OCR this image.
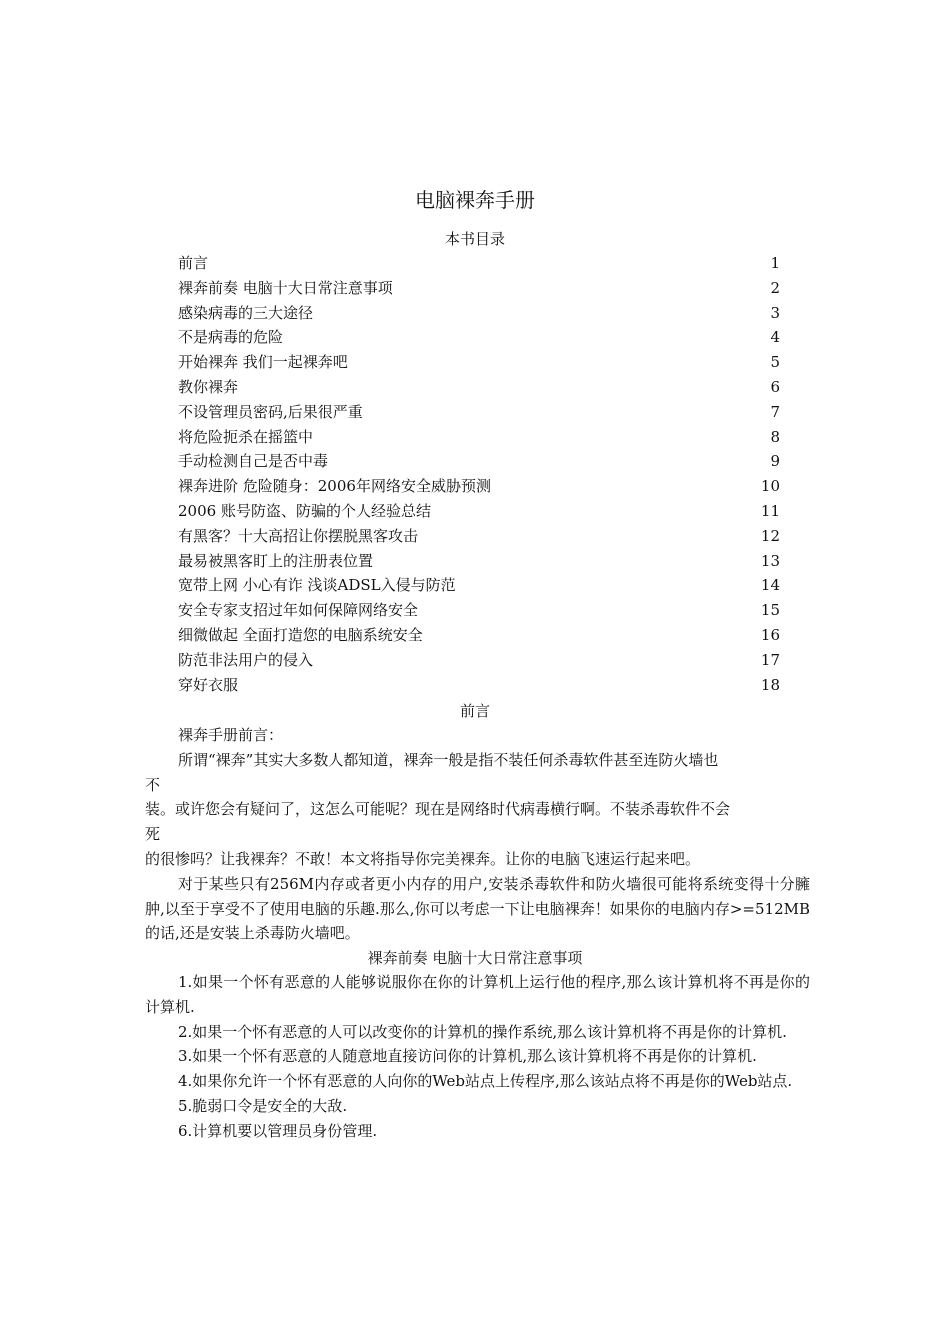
电脑裸奔手册
本书目录
前言	1
裸奔前奏 电脑十大日常注意事项	2
感染病毒的三大途径	3
不是病毒的危险	4
开始裸奔 我们一起裸奔吧	5
教你裸奔	6
不设管理员密码,后果很严重	7
将危险扼杀在摇篮中	8
手动检测自己是否中毒	9
裸奔进阶 危险随身：2006年网络安全威胁预测	10
2006 账号防盗、防骗的个人经验总结	11
有黑客？十大高招让你摆脱黑客攻击	12
最易被黑客盯上的注册表位置	13
宽带上网 小心有诈 浅谈ADSL入侵与防范	14
安全专家支招过年如何保障网络安全	15
细微做起 全面打造您的电脑系统安全	16
防范非法用户的侵入	17
穿好衣服	18
前言

裸奔手册前言：

所谓“裸奔”其实大多数人都知道，裸奔一般是指不装任何杀毒软件甚至连防火墙也

不

装。或许您会有疑问了，这怎么可能呢？现在是网络时代病毒横行啊。不装杀毒软件不会

死

的很惨吗？让我裸奔？不敢！本文将指导你完美裸奔。让你的电脑飞速运行起来吧。

对于某些只有256M内存或者更小内存的用户,安装杀毒软件和防火墙很可能将系统变得十分臃肿,以至于享受不了使用电脑的乐趣.那么,你可以考虑一下让电脑裸奔！如果你的电脑内存>=512MB的话,还是安装上杀毒防火墙吧。

裸奔前奏 电脑十大日常注意事项

1.如果一个怀有恶意的人能够说服你在你的计算机上运行他的程序,那么该计算机将不再是你的计算机.

2.如果一个怀有恶意的人可以改变你的计算机的操作系统,那么该计算机将不再是你的计算机.

3.如果一个怀有恶意的人随意地直接访问你的计算机,那么该计算机将不再是你的计算机.

4.如果你允许一个怀有恶意的人向你的Web站点上传程序,那么该站点将不再是你的Web站点.

5.脆弱口令是安全的大敌.

6.计算机要以管理员身份管理.
